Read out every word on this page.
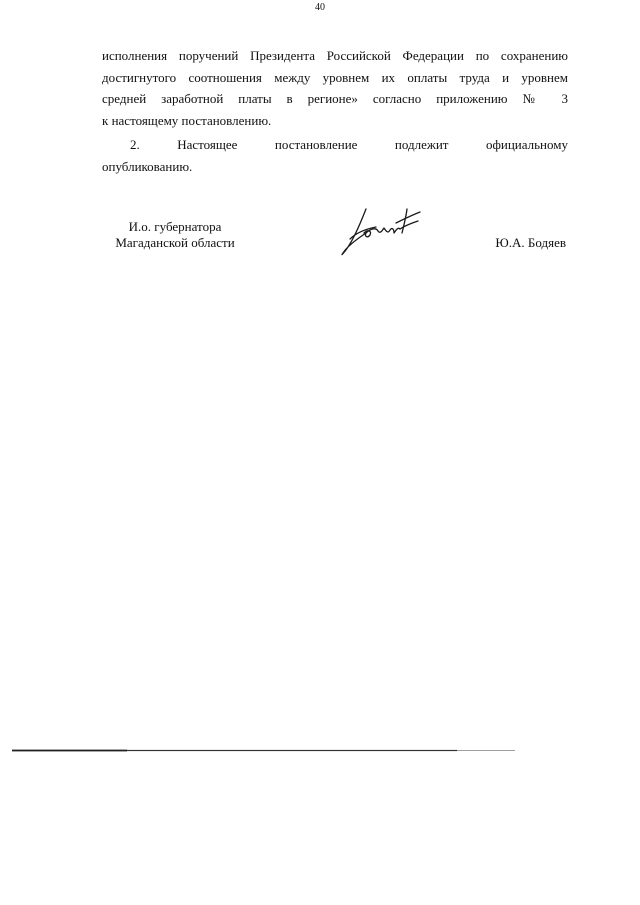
40
исполнения поручений Президента Российской Федерации по сохранению
достигнутого соотношения между уровнем их оплаты труда и уровнем
средней заработной платы в регионе» согласно приложению № 3
к настоящему постановлению.
2. Настоящее постановление подлежит официальному
опубликованию.
И.о. губернатора
Магаданской области	Ю.А. Бодяев
